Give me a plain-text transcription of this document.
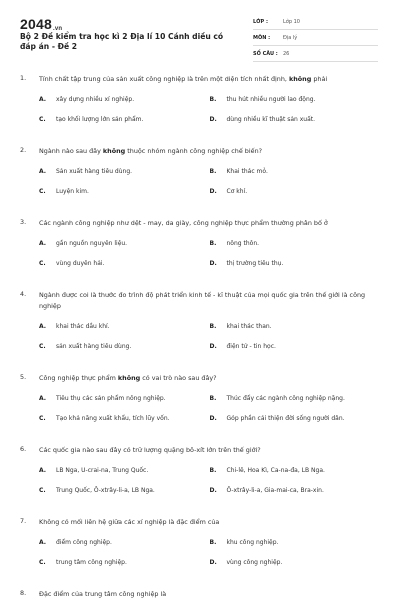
2048.vn
Bộ 2 Đề kiểm tra học kì 2 Địa lí 10 Cánh diều có đáp án - Đề 2
LỚP :	Lớp 10
MÔN :	Địa lý
SỐ CÂU :	26
1. Tính chất tập trung của sản xuất công nghiệp là trên một diện tích nhất định, không phải
A. xây dựng nhiều xí nghiệp.	B. thu hút nhiều người lao động.
C. tạo khối lượng lớn sản phẩm.	D. dùng nhiều kĩ thuật sản xuất.
2. Ngành nào sau đây không thuộc nhóm ngành công nghiệp chế biến?
A. Sản xuất hàng tiêu dùng.	B. Khai thác mỏ.
C. Luyện kim.	D. Cơ khí.
3. Các ngành công nghiệp như dệt - may, da giày, công nghiệp thực phẩm thường phân bố ở
A. gần nguồn nguyên liệu.	B. nông thôn.
C. vùng duyên hải.	D. thị trường tiêu thụ.
4. Ngành được coi là thước đo trình độ phát triển kinh tế - kĩ thuật của mọi quốc gia trên thế giới là công nghiệp
A. khai thác dầu khí.	B. khai thác than.
C. sản xuất hàng tiêu dùng.	D. điện tử - tin học.
5. Công nghiệp thực phẩm không có vai trò nào sau đây?
A. Tiêu thụ các sản phẩm nông nghiệp.	B. Thúc đẩy các ngành công nghiệp nặng.
C. Tạo khả năng xuất khẩu, tích lũy vốn.	D. Góp phần cải thiện đời sống người dân.
6. Các quốc gia nào sau đây có trữ lượng quặng bô-xít lớn trên thế giới?
A. LB Nga, U-crai-na, Trung Quốc.	B. Chi-lê, Hoa Kì, Ca-na-đa, LB Nga.
C. Trung Quốc, Ô-xtrây-li-a, LB Nga.	D. Ô-xtrây-li-a, Gia-mai-ca, Bra-xin.
7. Không có mối liên hệ giữa các xí nghiệp là đặc điểm của
A. điểm công nghiệp.	B. khu công nghiệp.
C. trung tâm công nghiệp.	D. vùng công nghiệp.
8. Đặc điểm của trung tâm công nghiệp là
